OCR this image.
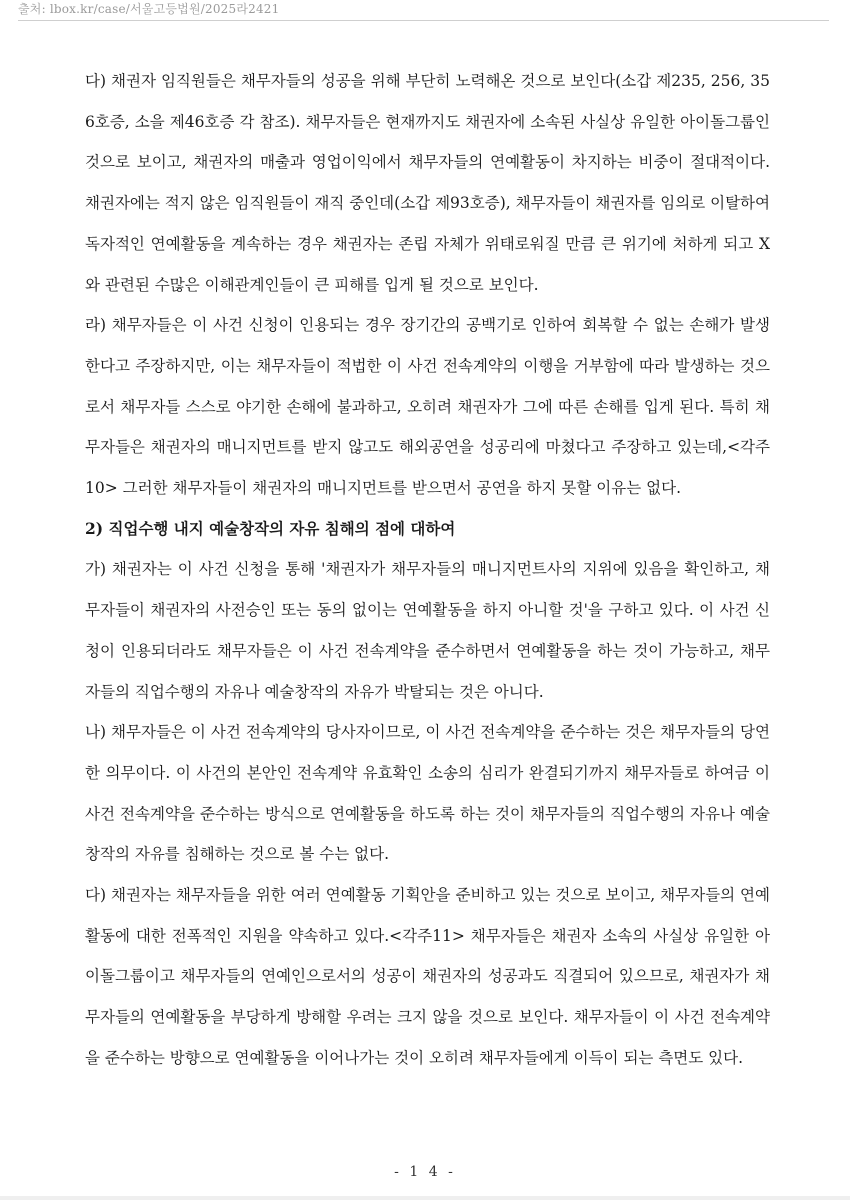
출처: lbox.kr/case/서울고등법원/2025라2421

다) 채권자 임직원들은 채무자들의 성공을 위해 부단히 노력해온 것으로 보인다(소갑 제235, 256, 356호증, 소을 제46호증 각 참조). 채무자들은 현재까지도 채권자에 소속된 사실상 유일한 아이돌그룹인 것으로 보이고, 채권자의 매출과 영업이익에서 채무자들의 연예활동이 차지하는 비중이 절대적이다. 채권자에는 적지 않은 임직원들이 재직 중인데(소갑 제93호증), 채무자들이 채권자를 임의로 이탈하여 독자적인 연예활동을 계속하는 경우 채권자는 존립 자체가 위태로워질 만큼 큰 위기에 처하게 되고 X와 관련된 수많은 이해관계인들이 큰 피해를 입게 될 것으로 보인다.

라) 채무자들은 이 사건 신청이 인용되는 경우 장기간의 공백기로 인하여 회복할 수 없는 손해가 발생한다고 주장하지만, 이는 채무자들이 적법한 이 사건 전속계약의 이행을 거부함에 따라 발생하는 것으로서 채무자들 스스로 야기한 손해에 불과하고, 오히려 채권자가 그에 따른 손해를 입게 된다. 특히 채무자들은 채권자의 매니지먼트를 받지 않고도 해외공연을 성공리에 마쳤다고 주장하고 있는데,<각주10> 그러한 채무자들이 채권자의 매니지먼트를 받으면서 공연을 하지 못할 이유는 없다.

2) 직업수행 내지 예술창작의 자유 침해의 점에 대하여

가) 채권자는 이 사건 신청을 통해 '채권자가 채무자들의 매니지먼트사의 지위에 있음을 확인하고, 채무자들이 채권자의 사전승인 또는 동의 없이는 연예활동을 하지 아니할 것'을 구하고 있다. 이 사건 신청이 인용되더라도 채무자들은 이 사건 전속계약을 준수하면서 연예활동을 하는 것이 가능하고, 채무자들의 직업수행의 자유나 예술창작의 자유가 박탈되는 것은 아니다.

나) 채무자들은 이 사건 전속계약의 당사자이므로, 이 사건 전속계약을 준수하는 것은 채무자들의 당연한 의무이다. 이 사건의 본안인 전속계약 유효확인 소송의 심리가 완결되기까지 채무자들로 하여금 이 사건 전속계약을 준수하는 방식으로 연예활동을 하도록 하는 것이 채무자들의 직업수행의 자유나 예술창작의 자유를 침해하는 것으로 볼 수는 없다.

다) 채권자는 채무자들을 위한 여러 연예활동 기획안을 준비하고 있는 것으로 보이고, 채무자들의 연예활동에 대한 전폭적인 지원을 약속하고 있다.<각주11> 채무자들은 채권자 소속의 사실상 유일한 아이돌그룹이고 채무자들의 연예인으로서의 성공이 채권자의 성공과도 직결되어 있으므로, 채권자가 채무자들의 연예활동을 부당하게 방해할 우려는 크지 않을 것으로 보인다. 채무자들이 이 사건 전속계약을 준수하는 방향으로 연예활동을 이어나가는 것이 오히려 채무자들에게 이득이 되는 측면도 있다.

- 1 4 -
